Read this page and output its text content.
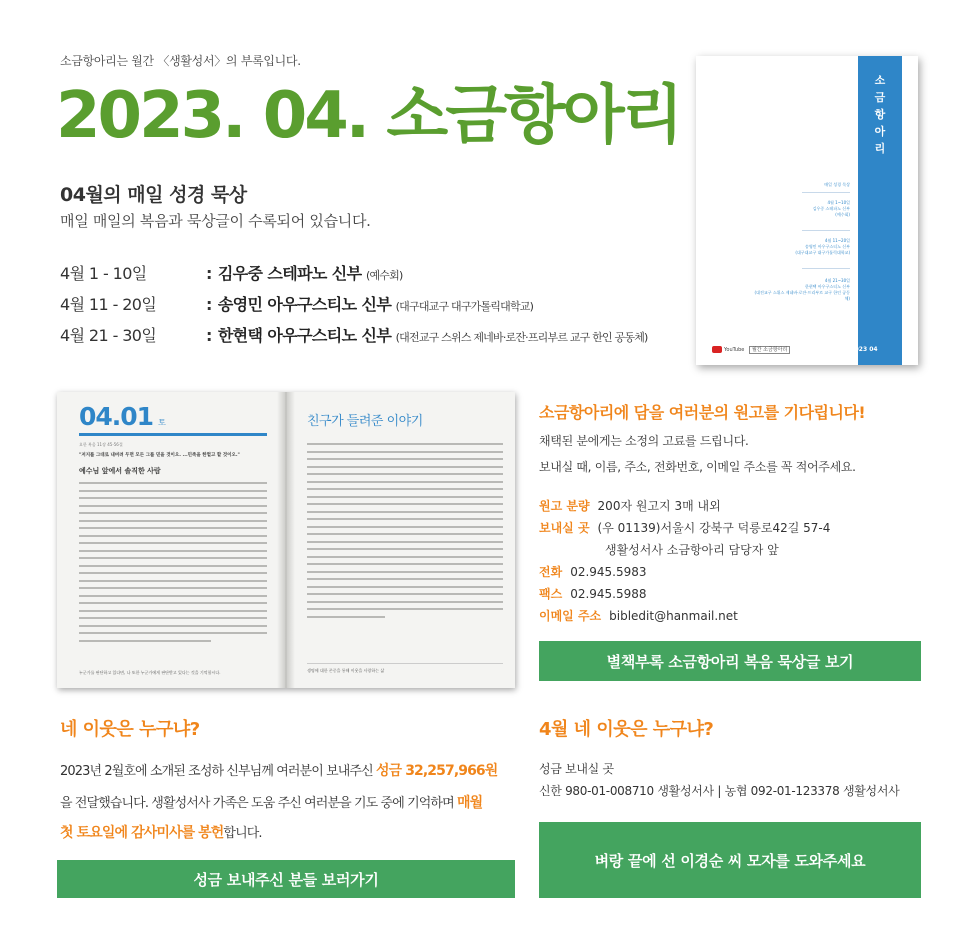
소금항아리는 월간 〈생활성서〉의 부록입니다.
2023. 04. 소금항아리
04월의 매일 성경 묵상
매일 매일의 복음과 묵상글이 수록되어 있습니다.
4월 1 - 10일	: 김우중 스테파노 신부 (예수회)
4월 11 - 20일	: 송영민 아우구스티노 신부 (대구대교구 대구가톨릭대학교)
4월 21 - 30일	: 한현택 아우구스티노 신부 (대전교구 스위스 제네바·로잔·프리부르 교구 한인 공동체)
소
금
항
아
리
2023 04
매일 성경 묵상
4월 1~10일
김우중 스테파노 신부
(예수회)
4월 11~20일
송영민 아우구스티노 신부
(대구대교구 대구가톨릭대학교)
4월 21~30일
한현택 아우구스티노 신부
(대전교구 스위스 제네바·로잔·프리부르 교구 한인 공동체)
YouTube 월간 소금항아리
04.01 토
요한 복음 11장 45-56절
"저지를 그대로 내버려 두면 모든 그를 믿을 것이오. ...민족을 한헐고 할 것이오."
예수님 앞에서 솔직한 사람
누군가를 판단하고 있다면, 나 또한 누군가에게 판단받고 있다는 것을 기억합시다.
친구가 들려준 이야기
생명에 대한 존중을 통해 이웃을 사랑하는 삶
소금항아리에 담을 여러분의 원고를 기다립니다!
채택된 분에게는 소정의 고료를 드립니다.
보내실 때, 이름, 주소, 전화번호, 이메일 주소를 꼭 적어주세요.
원고 분량 200자 원고지 3매 내외
보내실 곳 (우 01139)서울시 강북구 덕릉로42길 57-4
생활성서사 소금항아리 담당자 앞
전화 02.945.5983
팩스 02.945.5988
이메일 주소 bibledit@hanmail.net
별책부록 소금항아리 복음 묵상글 보기
네 이웃은 누구냐?
2023년 2월호에 소개된 조성하 신부님께 여러분이 보내주신 성금 32,257,966원
을 전달했습니다. 생활성서사 가족은 도움 주신 여러분을 기도 중에 기억하며 매월
첫 토요일에 감사미사를 봉헌합니다.
성금 보내주신 분들 보러가기
4월 네 이웃은 누구냐?
성금 보내실 곳
신한 980-01-008710 생활성서사 | 농협 092-01-123378 생활성서사
벼랑 끝에 선 이경순 씨 모자를 도와주세요
